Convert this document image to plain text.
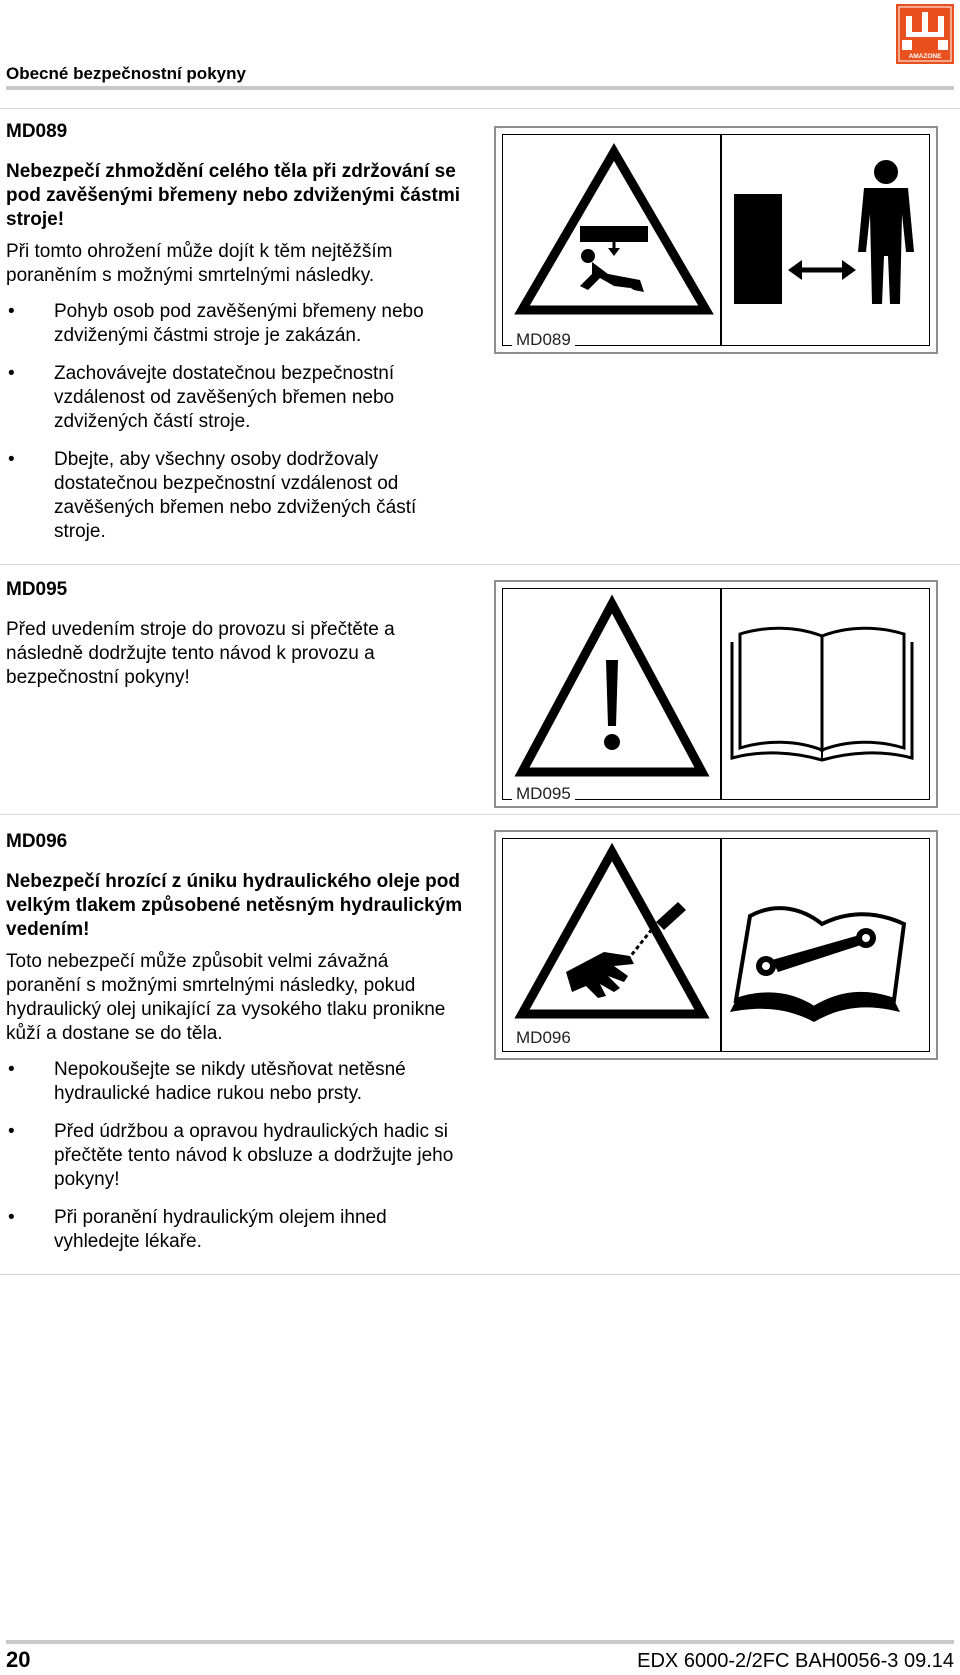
Obecné bezpečnostní pokyny
AMAZONE

MD089

Nebezpečí zhmoždění celého těla při zdržování se pod zavěšenými břemeny nebo zdviženými částmi stroje!

Při tomto ohrožení může dojít k těm nejtěžším poraněním s možnými smrtelnými následky.

• Pohyb osob pod zavěšenými břemeny nebo zdviženými částmi stroje je zakázán.
• Zachovávejte dostatečnou bezpečnostní vzdálenost od zavěšených břemen nebo zdvižených částí stroje.
• Dbejte, aby všechny osoby dodržovaly dostatečnou bezpečnostní vzdálenost od zavěšených břemen nebo zdvižených částí stroje.
MD089

MD095

Před uvedením stroje do provozu si přečtěte a následně dodržujte tento návod k provozu a bezpečnostní pokyny!

MD095

MD096

Nebezpečí hrozící z úniku hydraulického oleje pod velkým tlakem způsobené netěsným hydraulickým vedením!

Toto nebezpečí může způsobit velmi závažná poranění s možnými smrtelnými následky, pokud hydraulický olej unikající za vysokého tlaku pronikne kůží a dostane se do těla.

• Nepokoušejte se nikdy utěsňovat netěsné hydraulické hadice rukou nebo prsty.
• Před údržbou a opravou hydraulických hadic si přečtěte tento návod k obsluze a dodržujte jeho pokyny!
• Při poranění hydraulickým olejem ihned vyhledejte lékaře.
MD096
20	EDX 6000-2/2FC BAH0056-3 09.14
